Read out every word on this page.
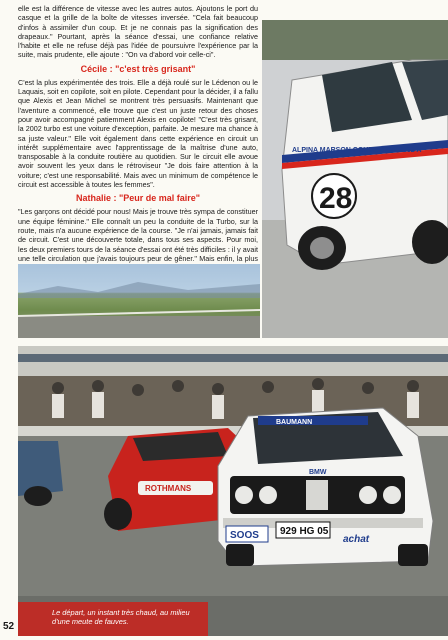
elle est la différence de vitesse avec les autres autos. Ajoutons le port du casque et la grille de la boîte de vitesses inversée. "Cela fait beaucoup d'infos à assimiler d'un coup. Et je ne connais pas la signification des drapeaux." Pourtant, après la séance d'essai, une confiance relative l'habite et elle ne refuse déjà pas l'idée de poursuivre l'expérience par la suite, mais prudente, elle ajoute : "On va d'abord voir celle-ci".

Cécile : "c'est très grisant"

C'est la plus expérimentée des trois. Elle a déjà roulé sur le Lédenon ou le Laquais, soit en copilote, soit en pilote. Cependant pour la décider, il a fallu que Alexis et Jean Michel se montrent très persuasifs. Maintenant que l'aventure a commencé, elle trouve que c'est un juste retour des choses pour avoir accompagné patiemment Alexis en copilote! "C'est très grisant, la 2002 turbo est une voiture d'exception, parfaite. Je mesure ma chance à sa juste valeur." Elle voit également dans cette expérience en circuit un intérêt supplémentaire avec l'apprentissage de la maîtrise d'une auto, transposable à la conduite routière au quotidien. Sur le circuit elle avoue avoir souvent les yeux dans le rétroviseur "Je dois faire attention à la voiture; c'est une responsabilité. Mais avec un minimum de compétence le circuit est accessible à toutes les femmes".

Nathalie : "Peur de mal faire"

"Les garçons ont décidé pour nous! Mais je trouve très sympa de constituer une équipe féminine." Elle connaît un peu la conduite de la Turbo, sur la route, mais n'a aucune expérience de la course. "Je n'ai jamais, jamais fait de circuit. C'est une découverte totale, dans tous ses aspects. Pour moi, les deux premiers tours de la séance d'essai ont été très difficiles : il y avait une telle circulation que j'avais toujours peur de gêner." Mais enfin, la plus

ALPINA MARSON COUPE BMW 2002 A
28
ROTHMANS
BAUMANN
BMW
SOOS 929 HG 05
achat
Le départ, un instant très chaud, au milieu d'une meute de fauves.
52
